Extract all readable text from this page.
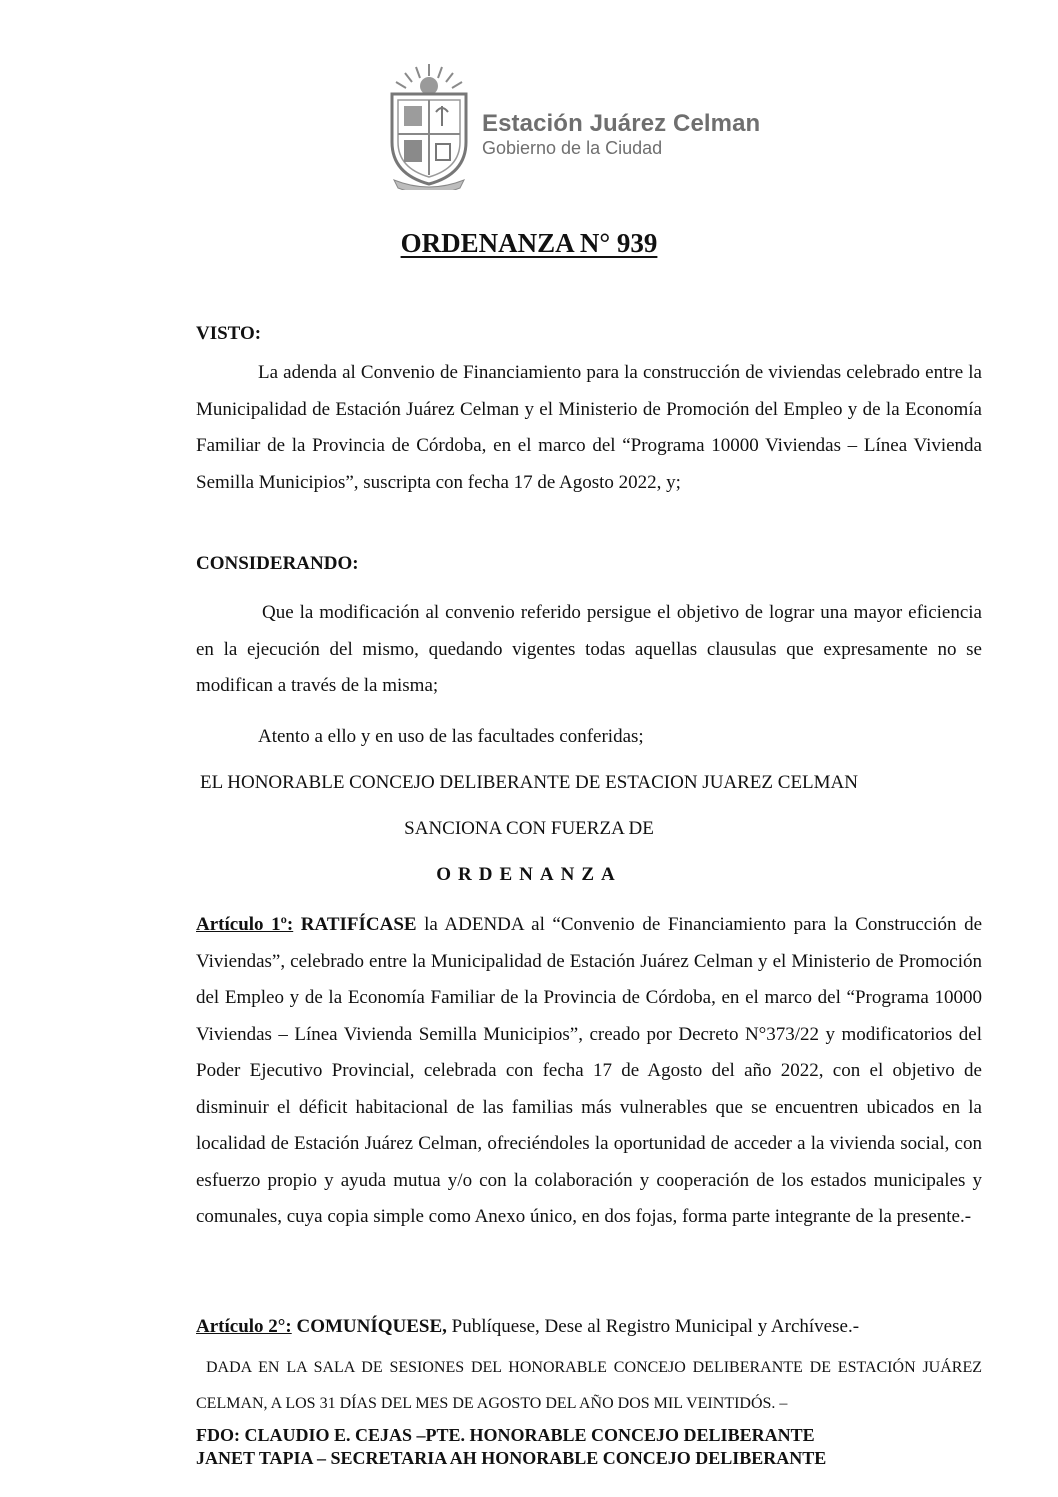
Estación Juárez Celman
Gobierno de la Ciudad
ORDENANZA N° 939
VISTO:
La adenda al Convenio de Financiamiento para la construcción de viviendas celebrado entre la Municipalidad de Estación Juárez Celman y el Ministerio de Promoción del Empleo y de la Economía Familiar de la Provincia de Córdoba, en el marco del “Programa 10000 Viviendas – Línea Vivienda Semilla Municipios”, suscripta con fecha 17 de Agosto 2022, y;
CONSIDERANDO:
Que la modificación al convenio referido persigue el objetivo de lograr una mayor eficiencia en la ejecución del mismo, quedando vigentes todas aquellas clausulas que expresamente no se modifican a través de la misma;
Atento a ello y en uso de las facultades conferidas;
EL HONORABLE CONCEJO DELIBERANTE DE ESTACION JUAREZ CELMAN
SANCIONA CON FUERZA DE
ORDENANZA
Artículo 1º: RATIFÍCASE la ADENDA al “Convenio de Financiamiento para la Construcción de Viviendas”, celebrado entre la Municipalidad de Estación Juárez Celman y el Ministerio de Promoción del Empleo y de la Economía Familiar de la Provincia de Córdoba, en el marco del “Programa 10000 Viviendas – Línea Vivienda Semilla Municipios”, creado por Decreto N°373/22 y modificatorios del Poder Ejecutivo Provincial, celebrada con fecha 17 de Agosto del año 2022, con el objetivo de disminuir el déficit habitacional de las familias más vulnerables que se encuentren ubicados en la localidad de Estación Juárez Celman, ofreciéndoles la oportunidad de acceder a la vivienda social, con esfuerzo propio y ayuda mutua y/o con la colaboración y cooperación de los estados municipales y comunales, cuya copia simple como Anexo único, en dos fojas, forma parte integrante de la presente.-
Artículo 2°: COMUNÍQUESE, Publíquese, Dese al Registro Municipal y Archívese.-
DADA EN LA SALA DE SESIONES DEL HONORABLE CONCEJO DELIBERANTE DE ESTACIÓN JUÁREZ CELMAN, A LOS 31 DÍAS DEL MES DE AGOSTO DEL AÑO DOS MIL VEINTIDÓS. –
FDO: CLAUDIO E. CEJAS –PTE. HONORABLE CONCEJO DELIBERANTE
JANET TAPIA – SECRETARIA AH HONORABLE CONCEJO DELIBERANTE
